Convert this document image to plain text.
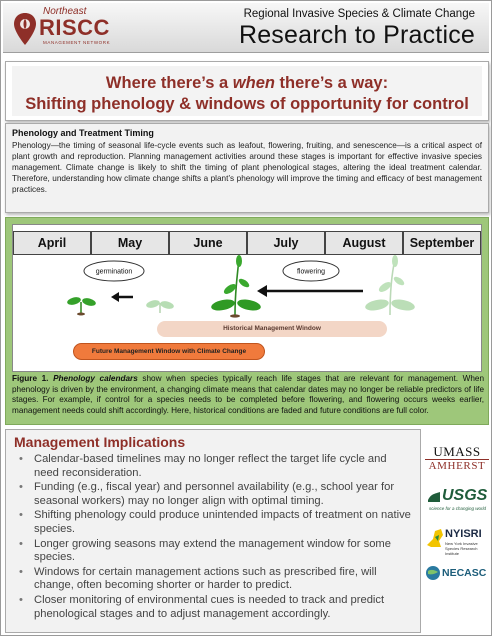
Northeast
RISCC
MANAGEMENT NETWORK
Regional Invasive Species & Climate Change
Research to Practice
Where there’s a when there’s a way:
Shifting phenology & windows of opportunity for control
Phenology and Treatment Timing
Phenology—the timing of seasonal life-cycle events such as leafout, flowering, fruiting, and senescence—is a critical aspect of plant growth and reproduction. Planning management activities around these stages is important for effective invasive species management. Climate change is likely to shift the timing of plant phenological stages, altering the ideal treatment calendar. Therefore, understanding how climate change shifts a plant’s phenology will improve the timing and efficacy of best management practices.
April	May	June	July	August	September
germination	flowering
Historical Management Window
Future Management Window with Climate Change
Figure 1. Phenology calendars show when species typically reach life stages that are relevant for management. When phenology is driven by the environment, a changing climate means that calendar dates may no longer be reliable predictors of life stages. For example, if control for a species needs to be completed before flowering, and flowering occurs weeks earlier, management needs could shift accordingly. Here, historical conditions are faded and future conditions are full color.
Management Implications
• Calendar-based timelines may no longer reflect the target life cycle and need reconsideration.
• Funding (e.g., fiscal year) and personnel availability (e.g., school year for seasonal workers) may no longer align with optimal timing.
• Shifting phenology could produce unintended impacts of treatment on native species.
• Longer growing seasons may extend the management window for some species.
• Windows for certain management actions such as prescribed fire, will change, often becoming shorter or harder to predict.
• Closer monitoring of environmental cues is needed to track and predict phenological stages and to adjust management accordingly.
UMASS
AMHERST
USGS
science for a changing world
NYISRI
New York Invasive Species Research Institute
NECASC
